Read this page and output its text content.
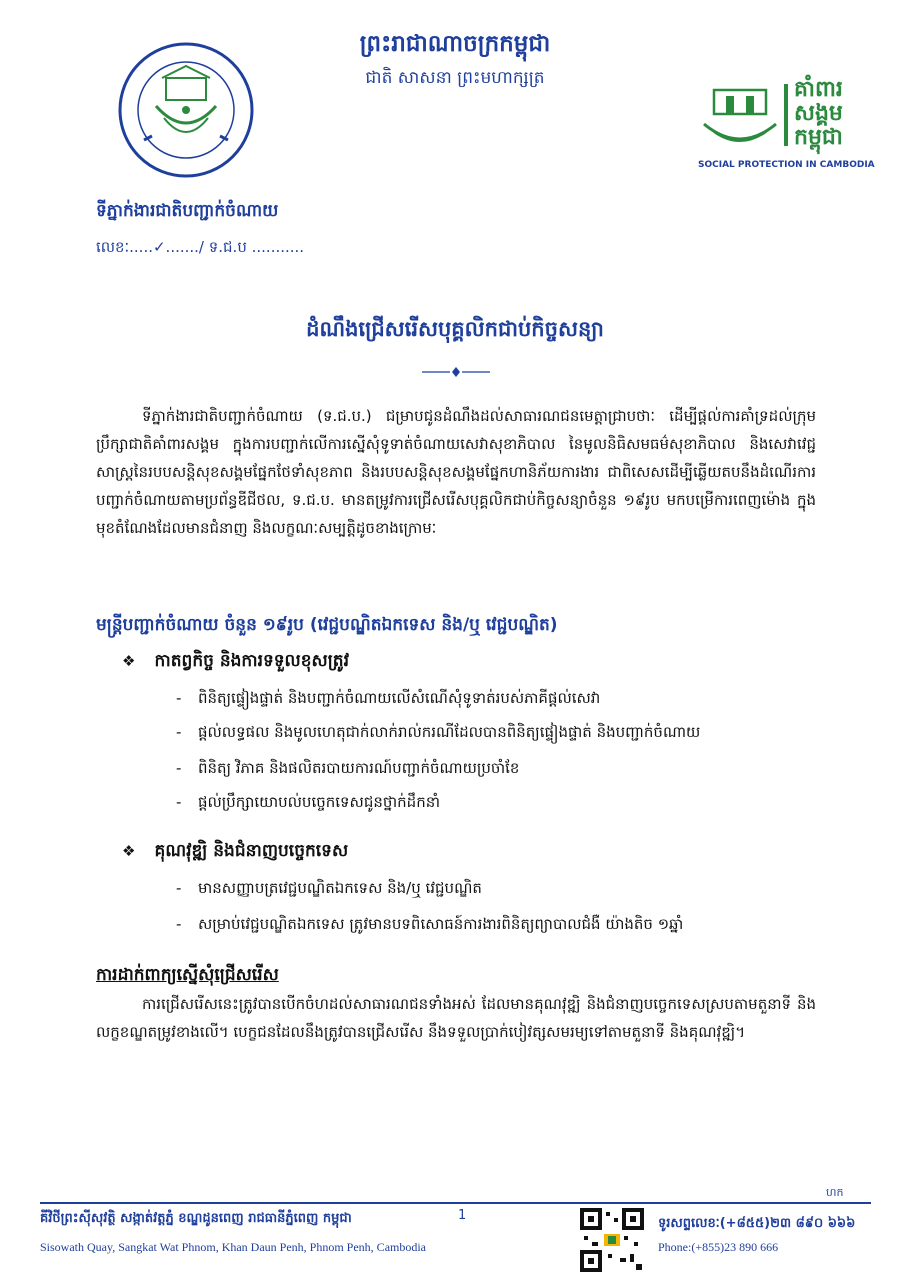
ព្រះរាជាណាចក្រកម្ពុជា
ជាតិ សាសនា ព្រះមហាក្សត្រ	គាំពារ
សង្គម
កម្ពុជា
SOCIAL PROTECTION IN CAMBODIA
ទីភ្នាក់ងារជាតិបញ្ជាក់ចំណាយ
លេខៈ.....✓......./ ទ.ជ.ប ...........
ដំណឹងជ្រើសរើសបុគ្គលិកជាប់កិច្ចសន្យា
ទីភ្នាក់ងារជាតិបញ្ជាក់ចំណាយ (ទ.ជ.ប.) ជម្រាបជូនដំណឹងដល់សាធារណជនមេត្តាជ្រាបថាៈ ដើម្បីផ្តល់ការគាំទ្រដល់ក្រុមប្រឹក្សាជាតិគាំពារសង្គម ក្នុងការបញ្ជាក់លើការស្នើសុំទូទាត់ចំណាយសេវាសុខាភិបាល នៃមូលនិធិសមធម៌សុខាភិបាល និងសេវាវេជ្ជសាស្ត្រនៃរបបសន្តិសុខសង្គមផ្នែកថែទាំសុខភាព និងរបបសន្តិសុខសង្គមផ្នែកហានិភ័យការងារ ជាពិសេសដើម្បីឆ្លើយតបនឹងដំណើរការបញ្ជាក់ចំណាយតាមប្រព័ន្ធឌីជីថល, ទ.ជ.ប. មានតម្រូវការជ្រើសរើសបុគ្គលិកជាប់កិច្ចសន្យាចំនួន ១៩រូប មកបម្រើការពេញម៉ោង ក្នុងមុខតំណែងដែលមានជំនាញ និងលក្ខណៈសម្បត្តិដូចខាងក្រោមៈ
មន្ត្រីបញ្ជាក់ចំណាយ ចំនួន ១៩រូប (វេជ្ជបណ្ឌិតឯកទេស និង/ឬ វេជ្ជបណ្ឌិត)
❖ កាតព្វកិច្ច និងការទទួលខុសត្រូវ
- ពិនិត្យផ្ទៀងផ្ទាត់ និងបញ្ជាក់ចំណាយលើសំណើសុំទូទាត់របស់ភាគីផ្តល់សេវា
- ផ្តល់លទ្ធផល និងមូលហេតុជាក់លាក់រាល់ករណីដែលបានពិនិត្យផ្ទៀងផ្ទាត់ និងបញ្ជាក់ចំណាយ
- ពិនិត្យ វិភាគ និងផលិតរបាយការណ៍បញ្ជាក់ចំណាយប្រចាំខែ
- ផ្តល់ប្រឹក្សាយោបល់បច្ចេកទេសជូនថ្នាក់ដឹកនាំ
❖ គុណវុឌ្ឍិ និងជំនាញបច្ចេកទេស
- មានសញ្ញាបត្រវេជ្ជបណ្ឌិតឯកទេស និង/ឬ វេជ្ជបណ្ឌិត
- សម្រាប់វេជ្ជបណ្ឌិតឯកទេស ត្រូវមានបទពិសោធន៍ការងារពិនិត្យព្យាបាលជំងឺ យ៉ាងតិច ១ឆ្នាំ
ការដាក់ពាក្យស្នើសុំជ្រើសរើស
ការជ្រើសរើសនេះត្រូវបានបើកចំហដល់សាធារណជនទាំងអស់ ដែលមានគុណវុឌ្ឍិ និងជំនាញបច្ចេកទេសស្របតាមតួនាទី និងលក្ខខណ្ឌតម្រូវខាងលើ។ បេក្ខជនដែលនឹងត្រូវបានជ្រើសរើស នឹងទទួលប្រាក់បៀវត្សសមរម្យទៅតាមតួនាទី និងគុណវុឌ្ឍិ។
ហក
គីវិថីព្រះស៊ីសុវត្ថិ សង្កាត់វត្តភ្នំ ខណ្ឌដូនពេញ រាជធានីភ្នំពេញ កម្ពុជា
Sisowath Quay, Sangkat Wat Phnom, Khan Daun Penh, Phnom Penh, Cambodia
1
ទូរសព្ទលេខៈ(+៨៥៥)២៣ ៨៩០ ៦៦៦
Phone:(+855)23 890 666
